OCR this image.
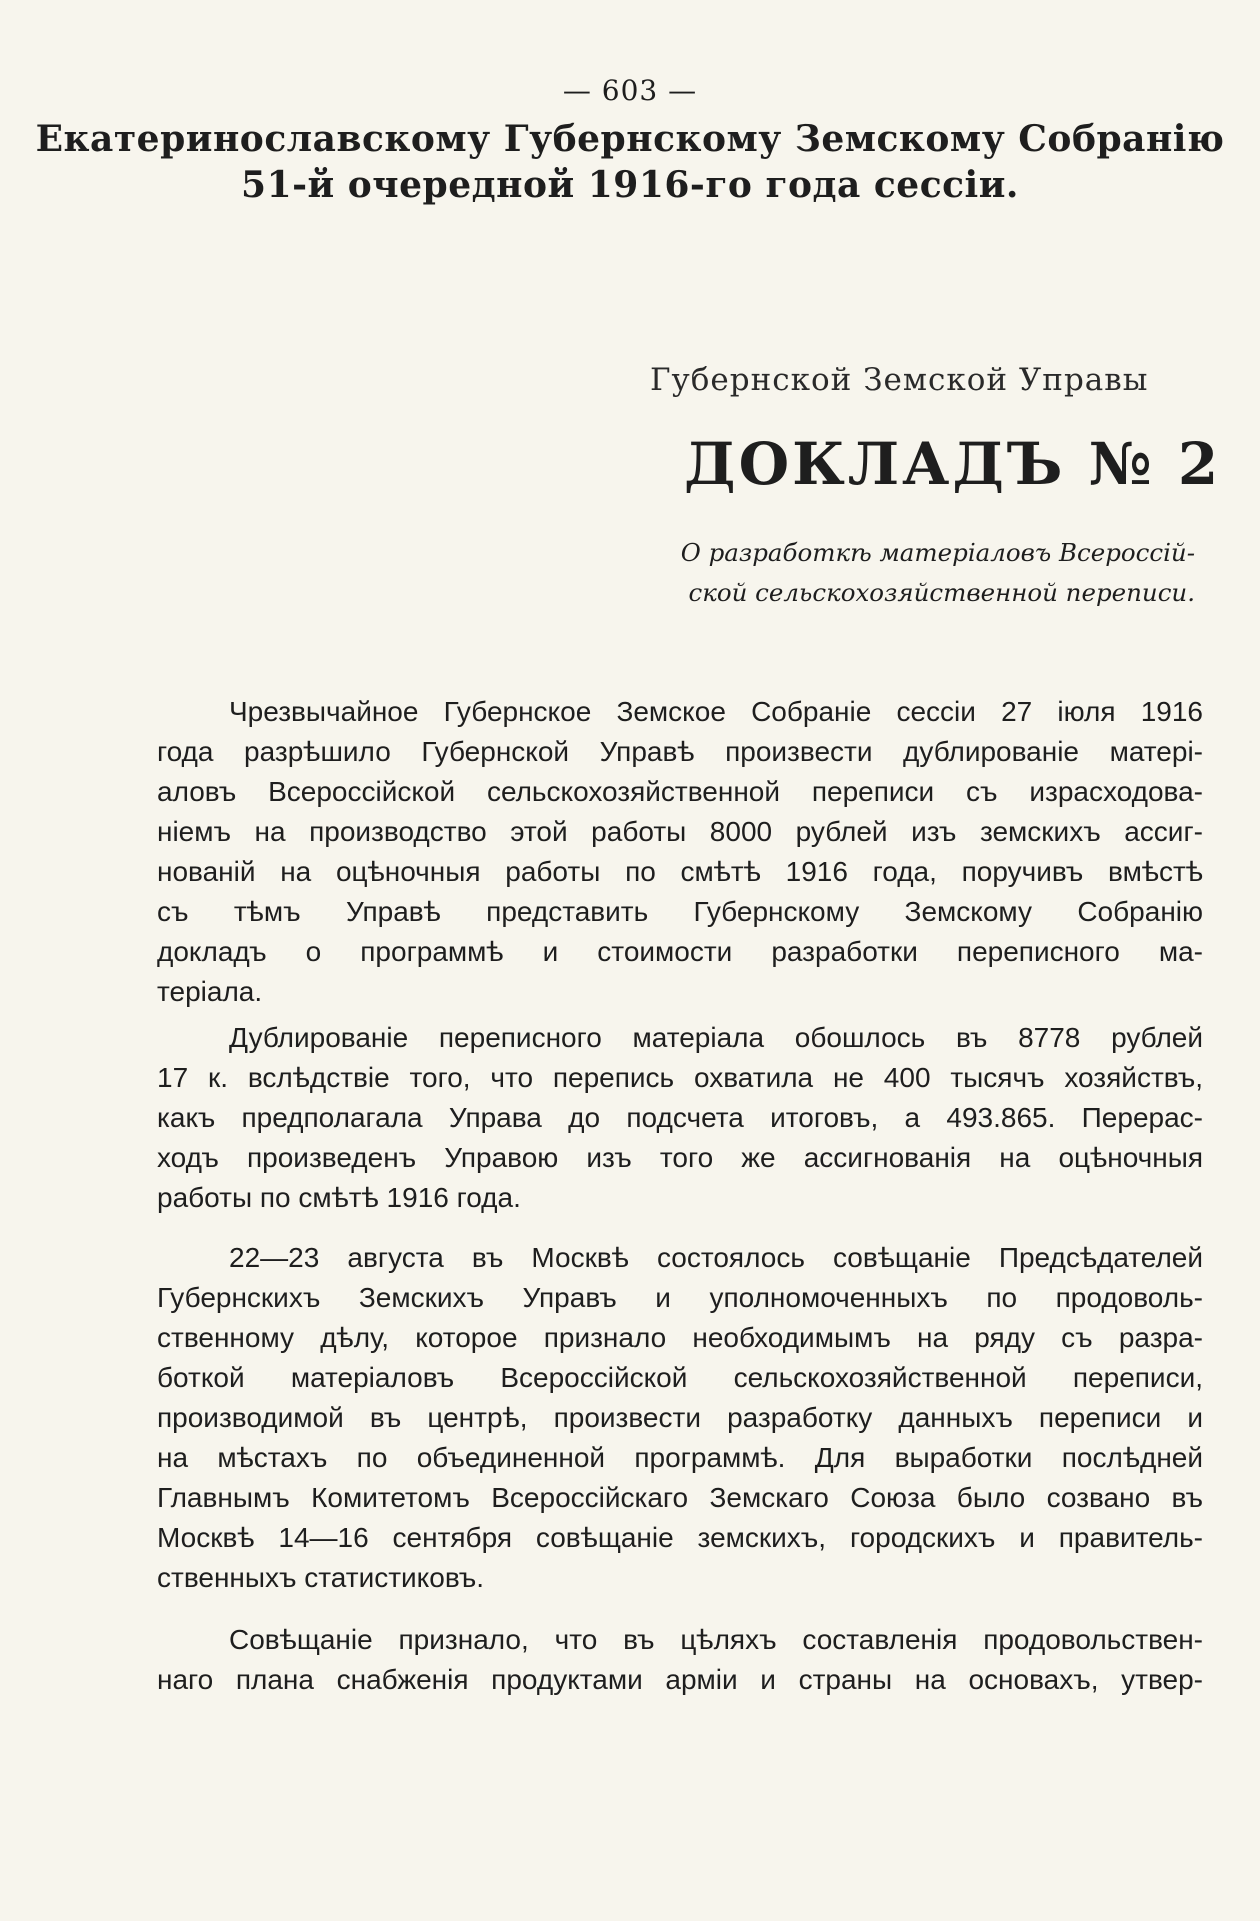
— 603 —
Екатеринославскому Губернскому Земскому Собранію
51-й очередной 1916-го года сессіи.
Губернской Земской Управы
ДОКЛАДЪ № 2
О разработкѣ матеріаловъ Всероссій-
ской сельскохозяйственной переписи.
Чрезвычайное Губернское Земское Собраніе сессіи 27 іюля 1916
года разрѣшило Губернской Управѣ произвести дублированіе матері-
аловъ Всероссійской сельскохозяйственной переписи съ израсходова-
ніемъ на производство этой работы 8000 рублей изъ земскихъ ассиг-
нованій на оцѣночныя работы по смѣтѣ 1916 года, поручивъ вмѣстѣ
съ тѣмъ Управѣ представить Губернскому Земскому Собранію
докладъ о программѣ и стоимости разработки переписного ма-
теріала.
Дублированіе переписного матеріала обошлось въ 8778 рублей
17 к. вслѣдствіе того, что перепись охватила не 400 тысячъ хозяйствъ,
какъ предполагала Управа до подсчета итоговъ, а 493.865. Перерас-
ходъ произведенъ Управою изъ того же ассигнованія на оцѣночныя
работы по смѣтѣ 1916 года.
22—23 августа въ Москвѣ состоялось совѣщаніе Предсѣдателей
Губернскихъ Земскихъ Управъ и уполномоченныхъ по продоволь-
ственному дѣлу, которое признало необходимымъ на ряду съ разра-
боткой матеріаловъ Всероссійской сельскохозяйственной переписи,
производимой въ центрѣ, произвести разработку данныхъ переписи и
на мѣстахъ по объединенной программѣ. Для выработки послѣдней
Главнымъ Комитетомъ Всероссійскаго Земскаго Союза было созвано въ
Москвѣ 14—16 сентября совѣщаніе земскихъ, городскихъ и правитель-
ственныхъ статистиковъ.
Совѣщаніе признало, что въ цѣляхъ составленія продовольствен-
наго плана снабженія продуктами арміи и страны на основахъ, утвер-
